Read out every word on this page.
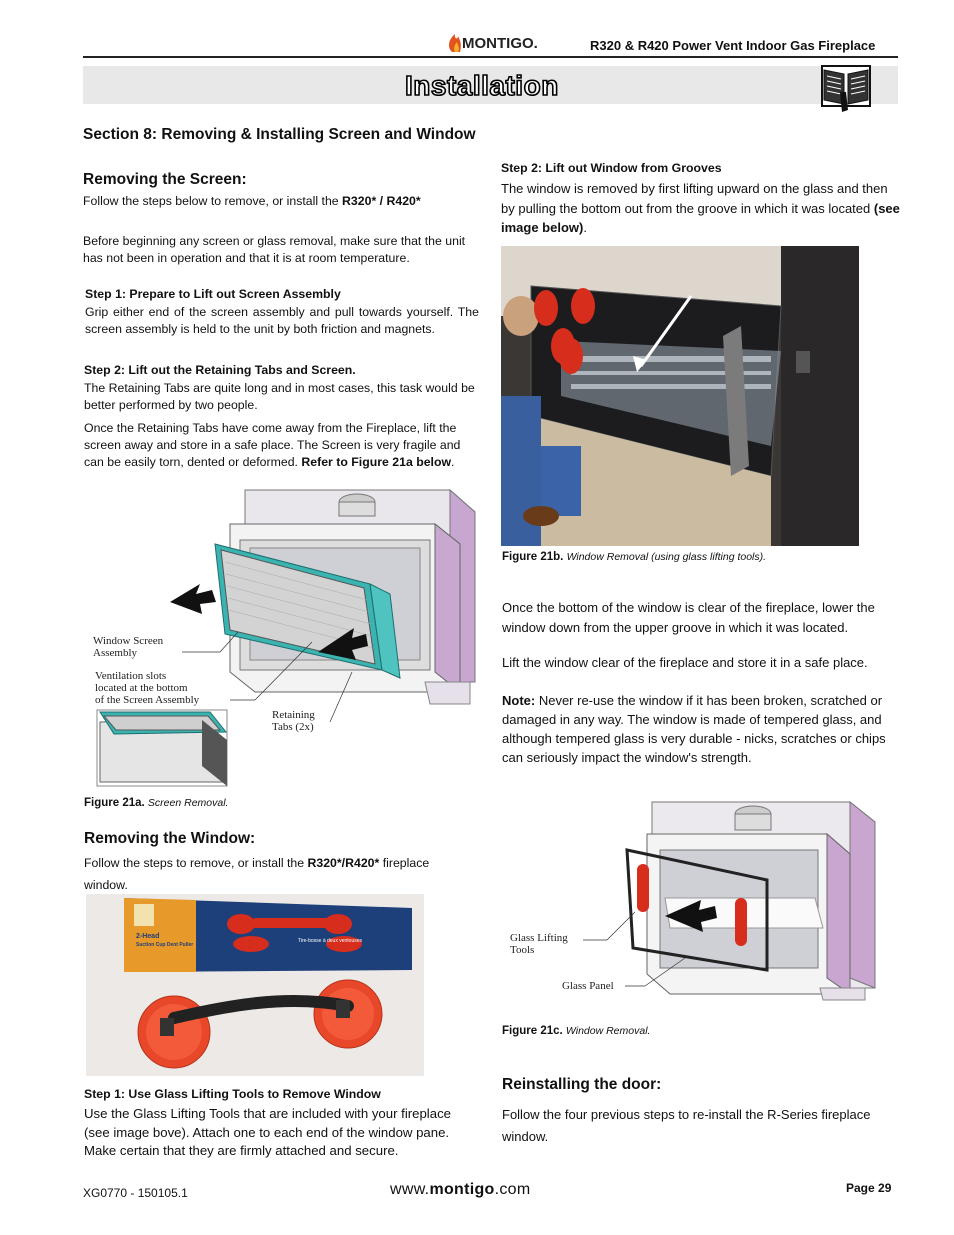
MONTIGO.	R320 & R420 Power Vent Indoor Gas Fireplace
Installation
Section 8: Removing & Installing Screen and Window
Removing the Screen:
Follow the steps below to remove, or install the R320* / R420*
Before beginning any screen or glass removal, make sure that the unit
has not been in operation and that it is at room temperature.
Step 1: Prepare to Lift out Screen Assembly
Grip either end of the screen assembly and pull towards yourself. The screen assembly is held to the unit by both friction and magnets.
Step 2: Lift out the Retaining Tabs and Screen.
The Retaining Tabs are quite long and in most cases, this task would be better performed by two people.
Once the Retaining Tabs have come away from the Fireplace, lift the screen away and store in a safe place. The Screen is very fragile and can be easily torn, dented or deformed. Refer to Figure 21a below.
Window Screen
Assembly
Ventilation slots
located at the bottom
of the Screen Assembly
Retaining
Tabs (2x)
Figure 21a. Screen Removal.
Removing the Window:
Follow the steps to remove, or install the R320*/R420* fireplace
window.
2-Head
Suction Cup Dent Puller
Tire-bosse à deux ventouses
Step 1: Use Glass Lifting Tools to Remove Window
Use the Glass Lifting Tools that are included with your fireplace
(see image bove). Attach one to each end of the window pane.
Make certain that they are firmly attached and secure.
Step 2: Lift out Window from Grooves
The window is removed by first lifting upward on the glass and then
by pulling the bottom out from the groove in which it was located (see
image below).
Figure 21b. Window Removal (using glass lifting tools).
Once the bottom of the window is clear of the fireplace, lower the
window down from the upper groove in which it was located.
Lift the window clear of the fireplace and store it in a safe place.
Note: Never re-use the window if it has been broken, scratched or
damaged in any way. The window is made of tempered glass, and
although tempered glass is very durable - nicks, scratches or chips
can seriously impact the window's strength.
Glass Lifting
Tools
Glass Panel
Figure 21c. Window Removal.
Reinstalling the door:
Follow the four previous steps to re-install the R-Series fireplace
window.
XG0770 - 150105.1	www.montigo.com	Page 29
